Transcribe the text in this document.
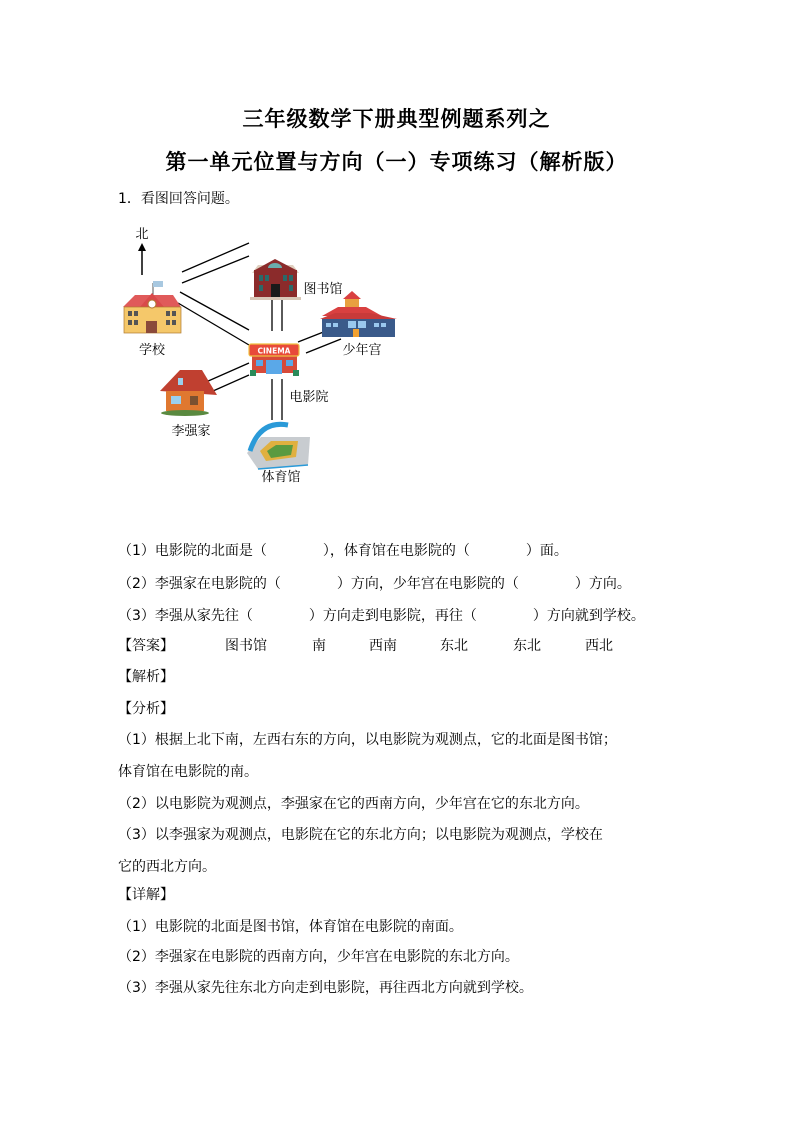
三年级数学下册典型例题系列之
第一单元位置与方向（一）专项练习（解析版）
1．看图回答问题。
CINEMA
北
学校
图书馆
少年宫
电影院
李强家
体育馆
（1）电影院的北面是（　　　　），体育馆在电影院的（　　　　）面。
（2）李强家在电影院的（　　　　）方向，少年宫在电影院的（　　　　）方向。
（3）李强从家先往（　　　　）方向走到电影院，再往（　　　　）方向就到学校。
【答案】	图书馆	南	西南	东北	东北	西北
【解析】
【分析】
（1）根据上北下南，左西右东的方向，以电影院为观测点，它的北面是图书馆；
体育馆在电影院的南。
（2）以电影院为观测点，李强家在它的西南方向，少年宫在它的东北方向。
（3）以李强家为观测点，电影院在它的东北方向；以电影院为观测点，学校在
它的西北方向。
【详解】
（1）电影院的北面是图书馆，体育馆在电影院的南面。
（2）李强家在电影院的西南方向，少年宫在电影院的东北方向。
（3）李强从家先往东北方向走到电影院，再往西北方向就到学校。
